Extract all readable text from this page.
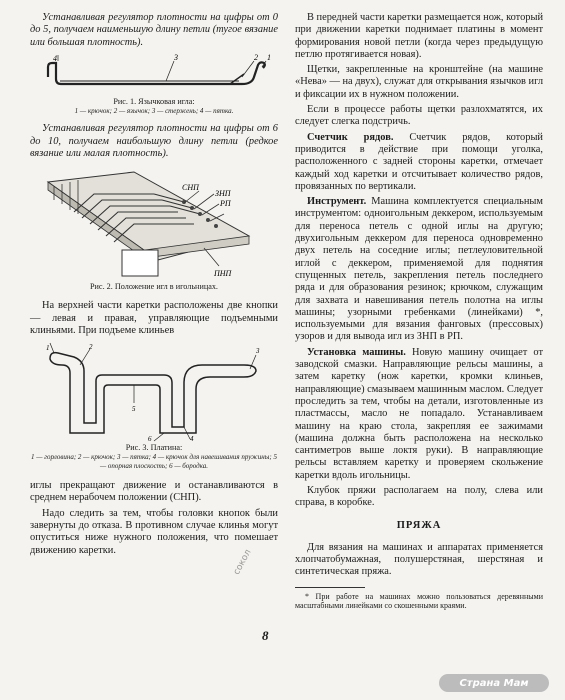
Устанавливая регулятор плотности на цифры от 0 до 5, получаем наименьшую длину петли (тугое вязание или большая плотность).

4	3	2 1

Рис. 1. Язычковая игла:

1 — крючок; 2 — язычок; 3 — стержень; 4 — пятка.

Устанавливая регулятор плотности на цифры от 6 до 10, получаем наибольшую длину петли (редкое вязание или малая плотность).

СНП
ЗНП
РП
ПНП

Рис. 2. Положение игл в игольницах.

На верхней части каретки расположены две кнопки — левая и правая, управляющие подъемными клиньями. При подъеме клиньев

1	2	3
4
5
6

Рис. 3. Платина:

1 — горловина; 2 — крючок; 3 — пятка; 4 — крючок для навешивания пружины; 5 — опорная плоскость; 6 — бородка.

иглы прекращают движение и останавливаются в среднем нерабочем положении (СНП).

Надо следить за тем, чтобы головки кнопок были завернуты до отказа. В противном случае клинья могут опуститься ниже нужного положения, что помешает движению каретки.

В передней части каретки размещается нож, который при движении каретки поднимает платины в момент формирования новой петли (когда через предыдущую петлю протягивается новая).

Щетки, закрепленные на кронштейне (на машине «Нева» — на двух), служат для открывания язычков игл и фиксации их в нужном положении.

Если в процессе работы щетки разлохматятся, их следует слегка подстричь.

Счетчик рядов. Счетчик рядов, который приводится в действие при помощи уголка, расположенного с задней стороны каретки, отмечает каждый ход каретки и отсчитывает количество рядов, провязанных по вертикали.

Инструмент. Машина комплектуется специальным инструментом: одноигольным деккером, используемым для переноса петель с одной иглы на другую; двухигольным деккером для переноса одновременно двух петель на соседние иглы; петлеуловительной иглой с деккером, применяемой для поднятия спущенных петель, закрепления петель последнего ряда и для образования резинок; крючком, служащим для захвата и навешивания петель полотна на иглы машины; узорными гребенками (линейками) *, используемыми для вязания фанговых (прессовых) узоров и для вывода игл из ЗНП в РП.

Установка машины. Новую машину очищает от заводской смазки. Направляющие рельсы машины, а затем каретку (нож каретки, кромки клиньев, направляющие) смазываем машинным маслом. Следует проследить за тем, чтобы на детали, изготовленные из пластмассы, масло не попадало. Устанавливаем машину на краю стола, закрепляя ее зажимами (машина должна быть расположена на несколько сантиметров выше локтя руки). В направляющие рельсы вставляем каретку и проверяем скольжение каретки вдоль игольницы.

Клубок пряжи располагаем на полу, слева или справа, в коробке.

ПРЯЖА

Для вязания на машинах и аппаратах применяется хлопчатобумажная, полушерстяная, шерстяная и синтетическая пряжа.

* При работе на машинах можно пользоваться деревянными масштабными линейками со скошенными краями.

8
сокол
Страна Мам
